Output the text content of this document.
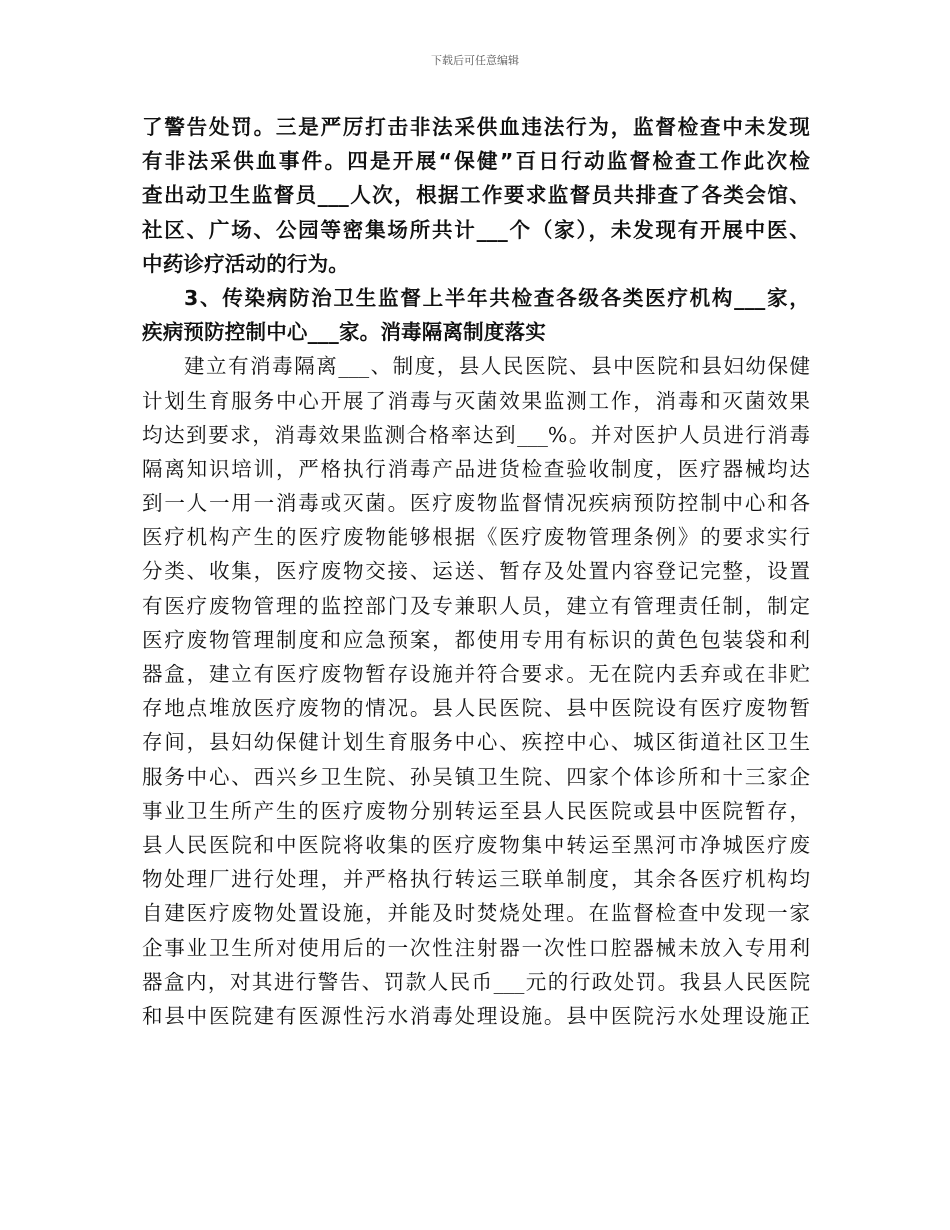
下载后可任意编辑
了警告处罚。三是严厉打击非法采供血违法行为，监督检查中未发现
有非法采供血事件。四是开展“保健”百日行动监督检查工作此次检
查出动卫生监督员___人次，根据工作要求监督员共排查了各类会馆、
社区、广场、公园等密集场所共计___个（家），未发现有开展中医、
中药诊疗活动的行为。
3、传染病防治卫生监督上半年共检查各级各类医疗机构___家，
疾病预防控制中心___家。消毒隔离制度落实
建立有消毒隔离___、制度，县人民医院、县中医院和县妇幼保健
计划生育服务中心开展了消毒与灭菌效果监测工作，消毒和灭菌效果
均达到要求，消毒效果监测合格率达到___%。并对医护人员进行消毒
隔离知识培训，严格执行消毒产品进货检查验收制度，医疗器械均达
到一人一用一消毒或灭菌。医疗废物监督情况疾病预防控制中心和各
医疗机构产生的医疗废物能够根据《医疗废物管理条例》的要求实行
分类、收集，医疗废物交接、运送、暂存及处置内容登记完整，设置
有医疗废物管理的监控部门及专兼职人员，建立有管理责任制，制定
医疗废物管理制度和应急预案，都使用专用有标识的黄色包装袋和利
器盒，建立有医疗废物暂存设施并符合要求。无在院内丢弃或在非贮
存地点堆放医疗废物的情况。县人民医院、县中医院设有医疗废物暂
存间，县妇幼保健计划生育服务中心、疾控中心、城区街道社区卫生
服务中心、西兴乡卫生院、孙吴镇卫生院、四家个体诊所和十三家企
事业卫生所产生的医疗废物分别转运至县人民医院或县中医院暂存，
县人民医院和中医院将收集的医疗废物集中转运至黑河市净城医疗废
物处理厂进行处理，并严格执行转运三联单制度，其余各医疗机构均
自建医疗废物处置设施，并能及时焚烧处理。在监督检查中发现一家
企事业卫生所对使用后的一次性注射器一次性口腔器械未放入专用利
器盒内，对其进行警告、罚款人民币___元的行政处罚。我县人民医院
和县中医院建有医源性污水消毒处理设施。县中医院污水处理设施正
